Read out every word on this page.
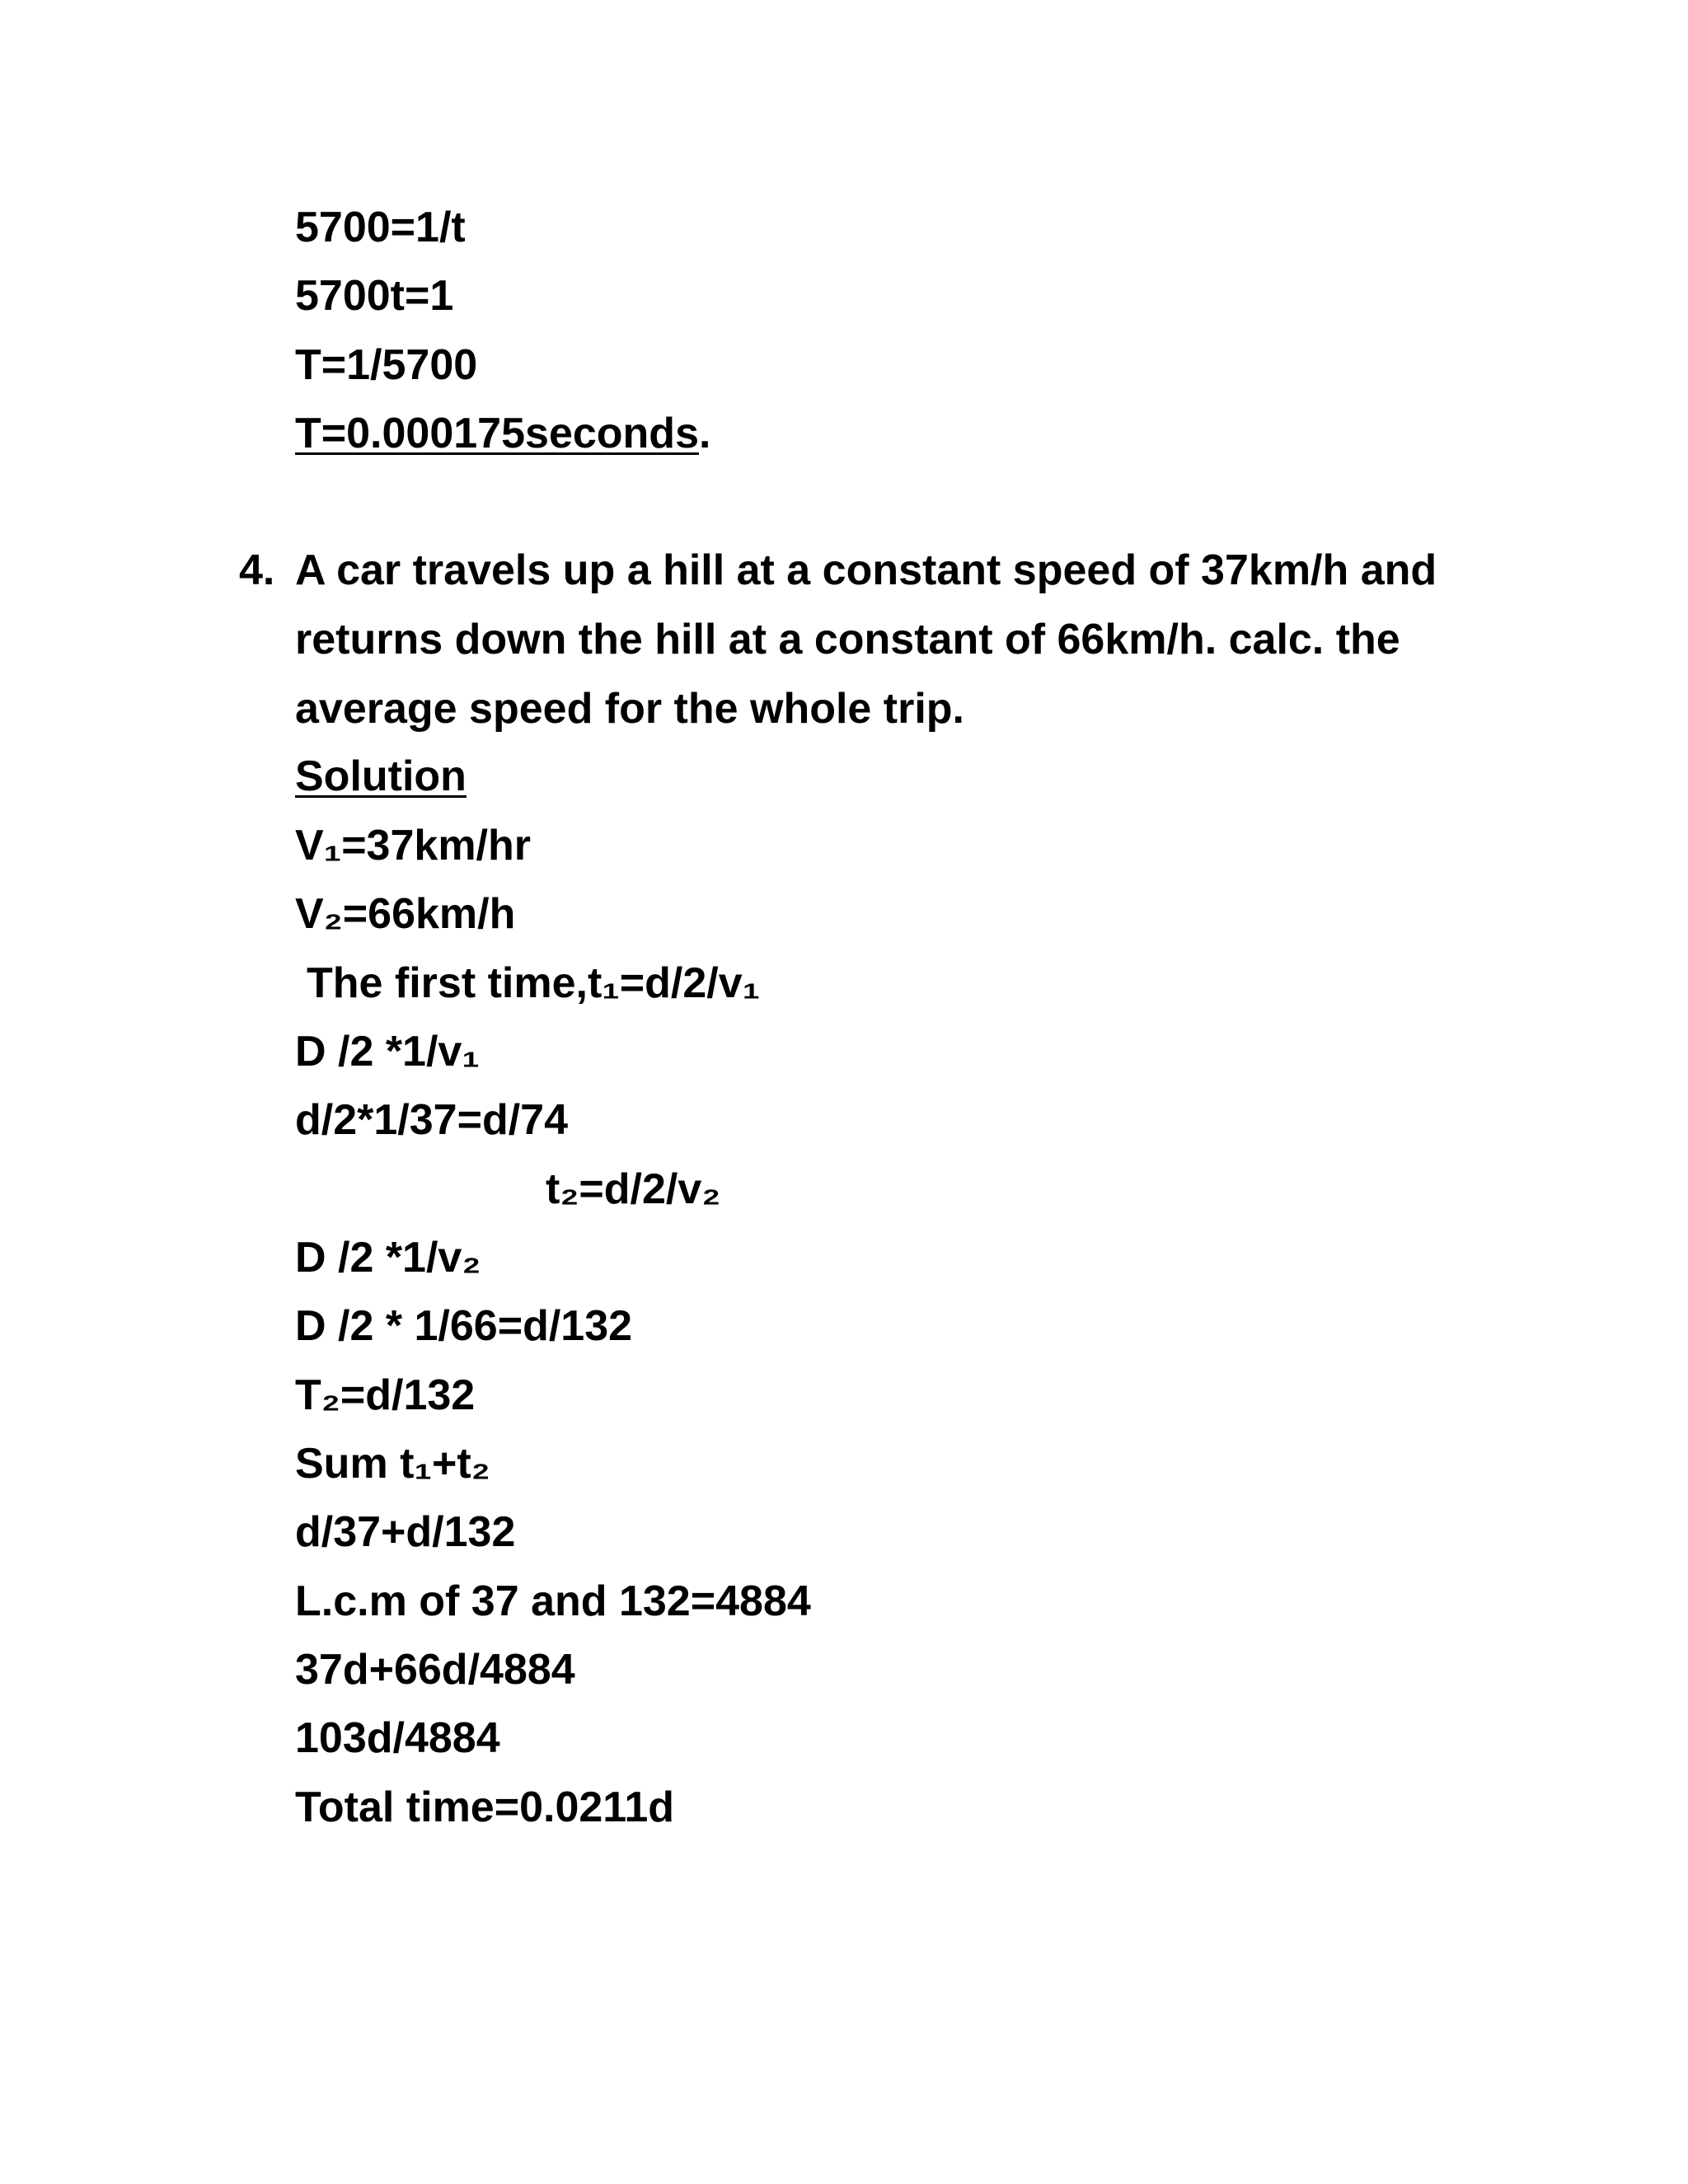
5700=1/t
5700t=1
T=1/5700
T=0.000175seconds.
4. A car travels up a hill at a constant speed of 37km/h and returns down the hill at a constant of 66km/h. calc. the average speed for the whole trip.
Solution
V₁=37km/hr
V₂=66km/h
The first time,t₁=d/2/v₁
D /2 *1/v₁
d/2*1/37=d/74
t₂=d/2/v₂
D /2 *1/v₂
D /2 * 1/66=d/132
T₂=d/132
Sum t₁+t₂
d/37+d/132
L.c.m of 37 and 132=4884
37d+66d/4884
103d/4884
Total time=0.0211d
